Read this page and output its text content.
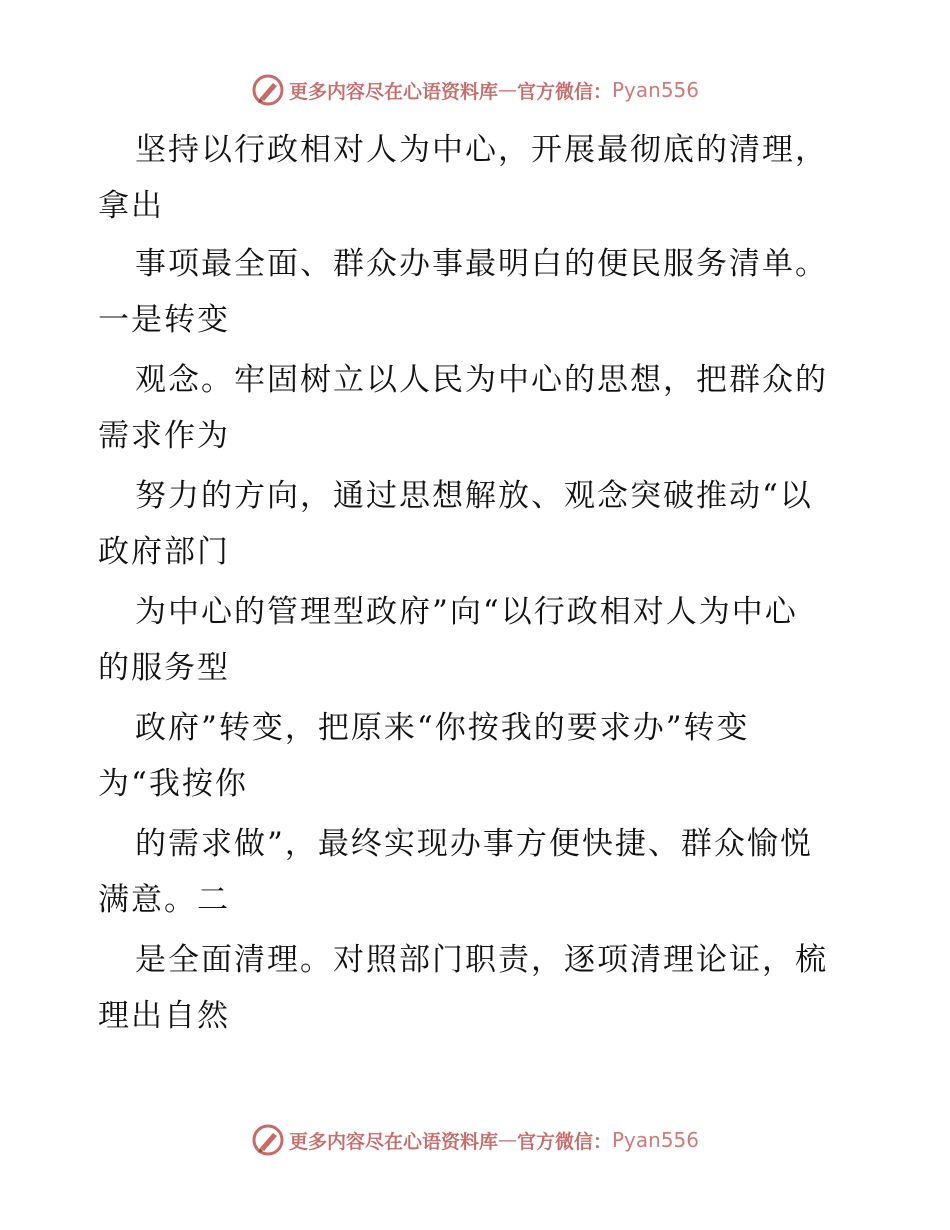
更多内容尽在心语资料库 — 官方微信： Pyan556
坚持以行政相对人为中心，开展最彻底的清理，
拿出
事项最全面、群众办事最明白的便民服务清单。
一是转变
观念。牢固树立以人民为中心的思想，把群众的
需求作为
努力的方向，通过思想解放、观念突破推动“以
政府部门
为中心的管理型政府”向“以行政相对人为中心
的服务型
政府”转变，把原来“你按我的要求办”转变
为“我按你
的需求做”，最终实现办事方便快捷、群众愉悦
满意。二
是全面清理。对照部门职责，逐项清理论证，梳
理出自然
更多内容尽在心语资料库 — 官方微信： Pyan556
